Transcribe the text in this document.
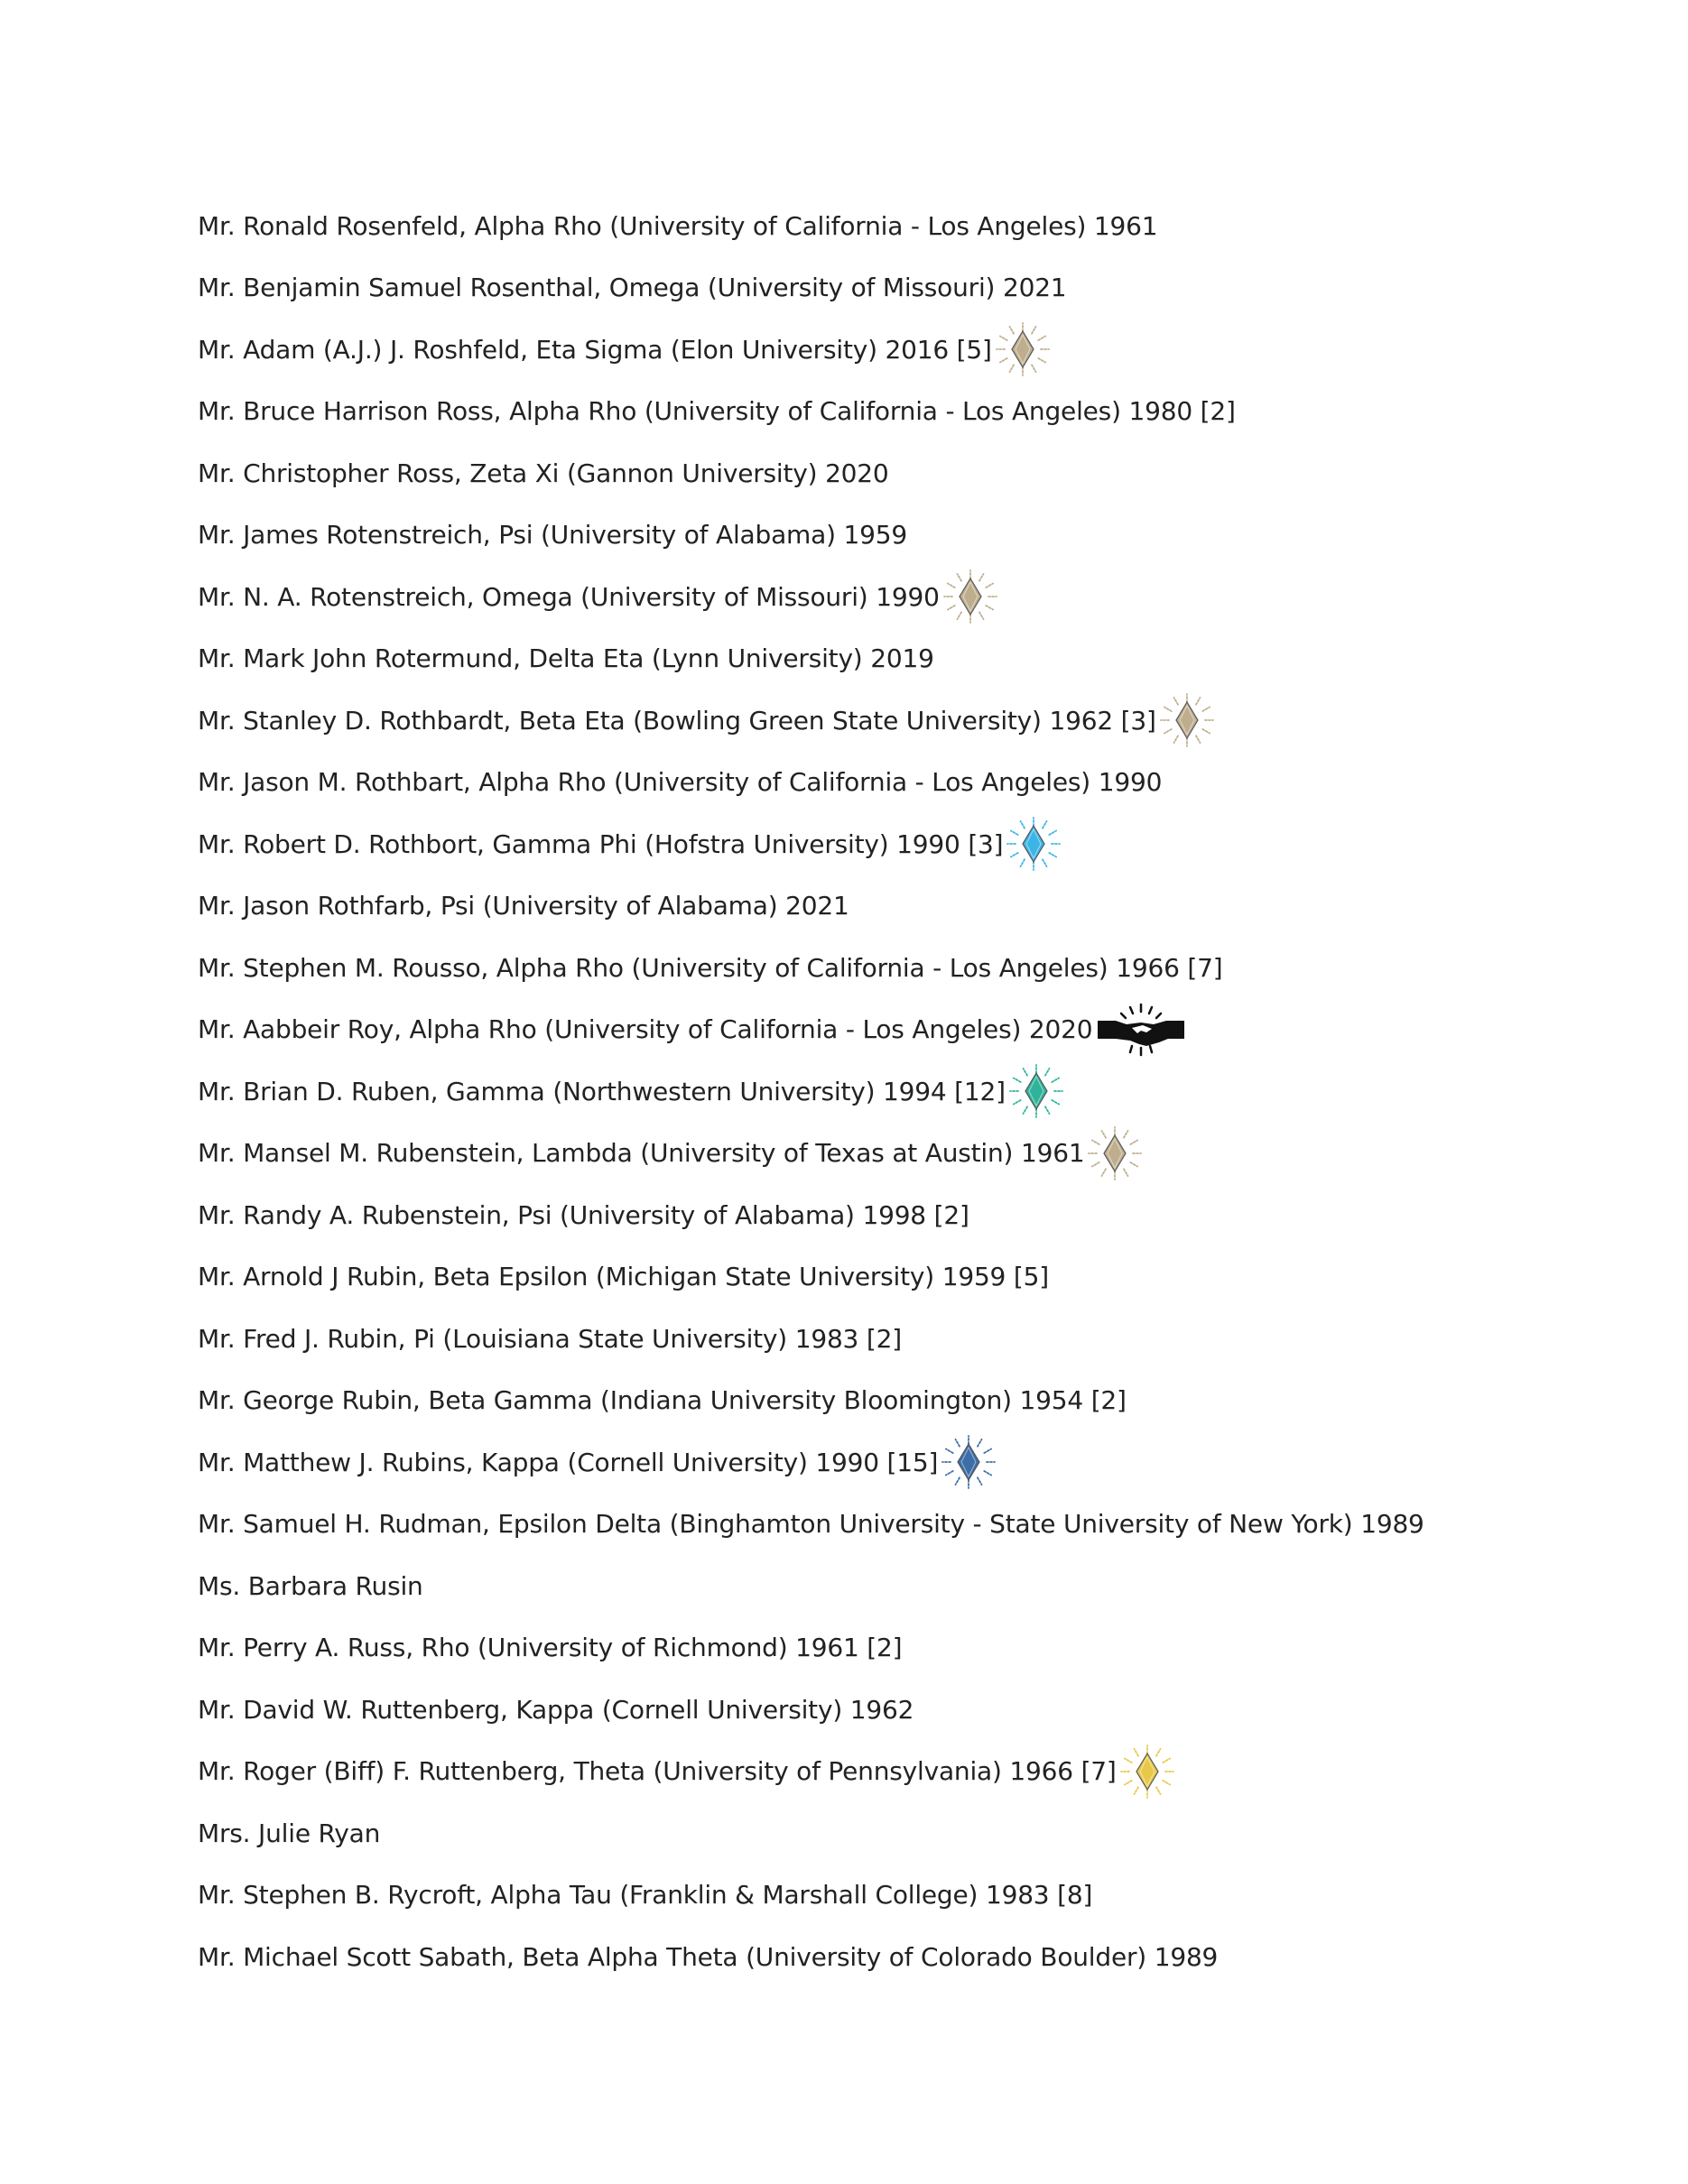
Mr. Ronald Rosenfeld, Alpha Rho (University of California - Los Angeles) 1961
Mr. Benjamin Samuel Rosenthal, Omega (University of Missouri) 2021
Mr. Adam (A.J.) J. Roshfeld, Eta Sigma (Elon University) 2016 [5]
Mr. Bruce Harrison Ross, Alpha Rho (University of California - Los Angeles) 1980 [2]
Mr. Christopher Ross, Zeta Xi (Gannon University) 2020
Mr. James Rotenstreich, Psi (University of Alabama) 1959
Mr. N. A. Rotenstreich, Omega (University of Missouri) 1990
Mr. Mark John Rotermund, Delta Eta (Lynn University) 2019
Mr. Stanley D. Rothbardt, Beta Eta (Bowling Green State University) 1962 [3]
Mr. Jason M. Rothbart, Alpha Rho (University of California - Los Angeles) 1990
Mr. Robert D. Rothbort, Gamma Phi (Hofstra University) 1990 [3]
Mr. Jason Rothfarb, Psi (University of Alabama) 2021
Mr. Stephen M. Rousso, Alpha Rho (University of California - Los Angeles) 1966 [7]
Mr. Aabbeir Roy, Alpha Rho (University of California - Los Angeles) 2020
Mr. Brian D. Ruben, Gamma (Northwestern University) 1994 [12]
Mr. Mansel M. Rubenstein, Lambda (University of Texas at Austin) 1961
Mr. Randy A. Rubenstein, Psi (University of Alabama) 1998 [2]
Mr. Arnold J Rubin, Beta Epsilon (Michigan State University) 1959 [5]
Mr. Fred J. Rubin, Pi (Louisiana State University) 1983 [2]
Mr. George Rubin, Beta Gamma (Indiana University Bloomington) 1954 [2]
Mr. Matthew J. Rubins, Kappa (Cornell University) 1990 [15]
Mr. Samuel H. Rudman, Epsilon Delta (Binghamton University - State University of New York) 1989
Ms. Barbara Rusin
Mr. Perry A. Russ, Rho (University of Richmond) 1961 [2]
Mr. David W. Ruttenberg, Kappa (Cornell University) 1962
Mr. Roger (Biff) F. Ruttenberg, Theta (University of Pennsylvania) 1966 [7]
Mrs. Julie Ryan
Mr. Stephen B. Rycroft, Alpha Tau (Franklin & Marshall College) 1983 [8]
Mr. Michael Scott Sabath, Beta Alpha Theta (University of Colorado Boulder) 1989
